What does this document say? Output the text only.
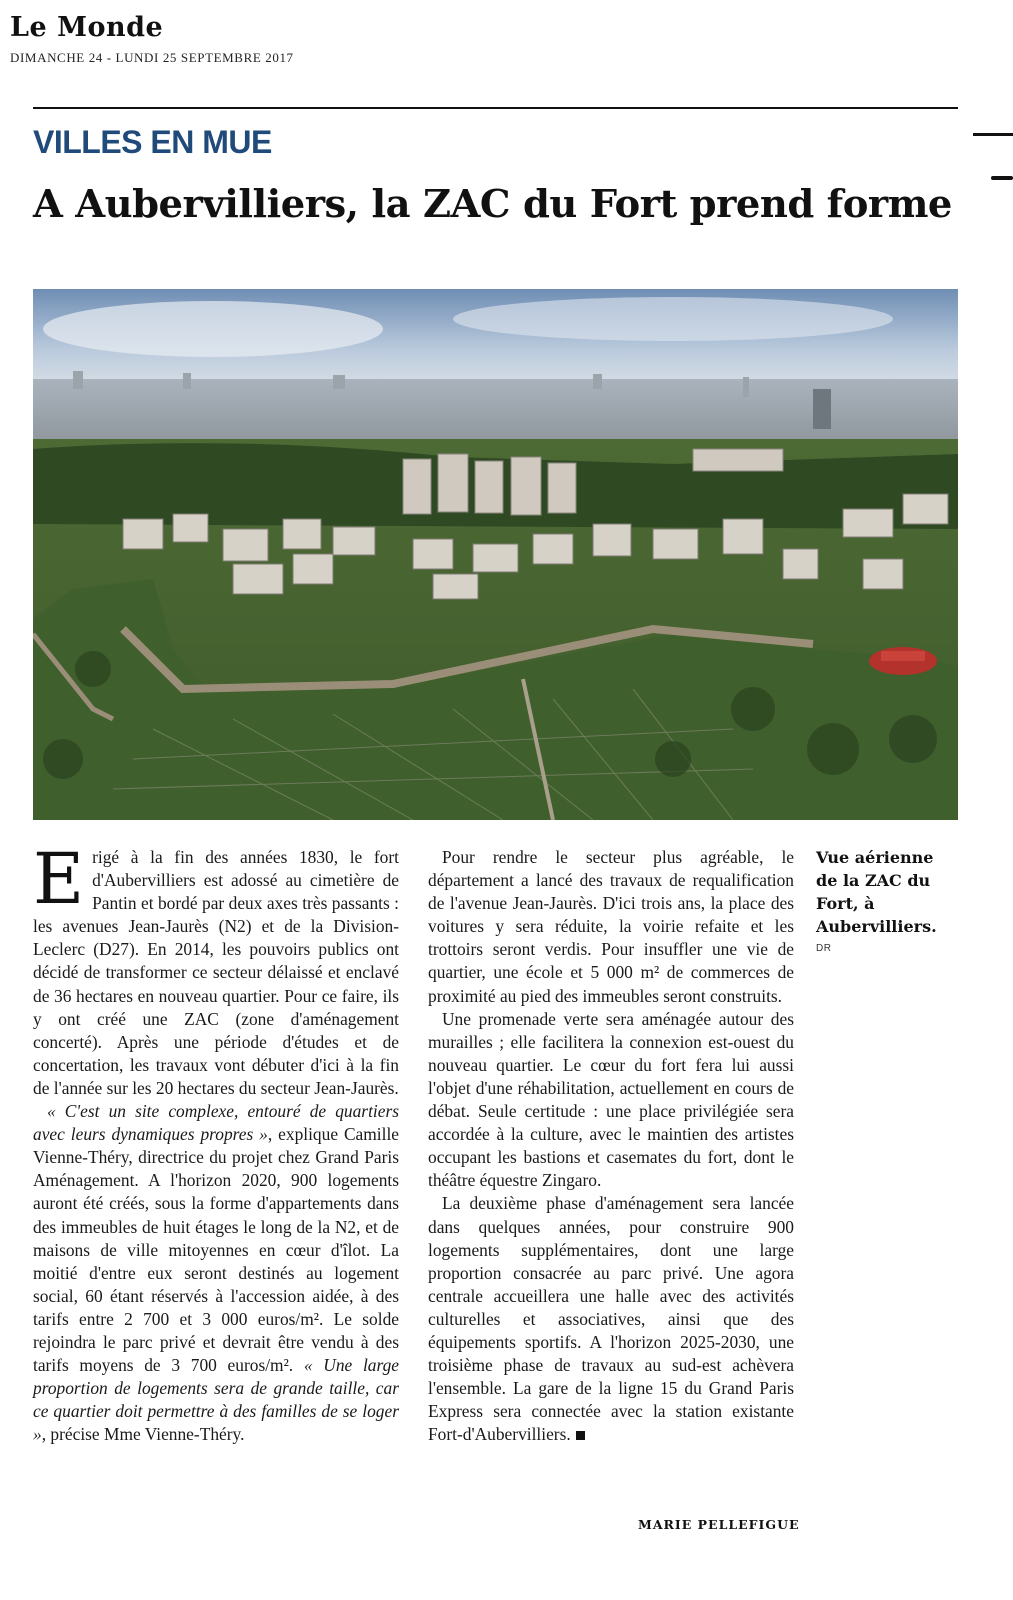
Le Monde
DIMANCHE 24 - LUNDI 25 SEPTEMBRE 2017
VILLES EN MUE
A Aubervilliers, la ZAC du Fort prend forme
Vue aérienne de la ZAC du Fort, à Aubervilliers.
DR

Erigé à la fin des années 1830, le fort d'Aubervilliers est adossé au cimetière de Pantin et bordé par deux axes très passants : les avenues Jean-Jaurès (N2) et de la Division-Leclerc (D27). En 2014, les pouvoirs publics ont décidé de transformer ce secteur délaissé et enclavé de 36 hectares en nouveau quartier. Pour ce faire, ils y ont créé une ZAC (zone d'aménagement concerté). Après une période d'études et de concertation, les travaux vont débuter d'ici à la fin de l'année sur les 20 hectares du secteur Jean-Jaurès.

« C'est un site complexe, entouré de quartiers avec leurs dynamiques propres », explique Camille Vienne-Théry, directrice du projet chez Grand Paris Aménagement. A l'horizon 2020, 900 logements auront été créés, sous la forme d'appartements dans des immeubles de huit étages le long de la N2, et de maisons de ville mitoyennes en cœur d'îlot. La moitié d'entre eux seront destinés au logement social, 60 étant réservés à l'accession aidée, à des tarifs entre 2 700 et 3 000 euros/m². Le solde rejoindra le parc privé et devrait être vendu à des tarifs moyens de 3 700 euros/m². « Une large proportion de logements sera de grande taille, car ce quartier doit permettre à des familles de se loger », précise Mme Vienne-Théry.

Pour rendre le secteur plus agréable, le département a lancé des travaux de requalification de l'avenue Jean-Jaurès. D'ici trois ans, la place des voitures y sera réduite, la voirie refaite et les trottoirs seront verdis. Pour insuffler une vie de quartier, une école et 5 000 m² de commerces de proximité au pied des immeubles seront construits.

Une promenade verte sera aménagée autour des murailles ; elle facilitera la connexion est-ouest du nouveau quartier. Le cœur du fort fera lui aussi l'objet d'une réhabilitation, actuellement en cours de débat. Seule certitude : une place privilégiée sera accordée à la culture, avec le maintien des artistes occupant les bastions et casemates du fort, dont le théâtre équestre Zingaro.

La deuxième phase d'aménagement sera lancée dans quelques années, pour construire 900 logements supplémentaires, dont une large proportion consacrée au parc privé. Une agora centrale accueillera une halle avec des activités culturelles et associatives, ainsi que des équipements sportifs. A l'horizon 2025-2030, une troisième phase de travaux au sud-est achèvera l'ensemble. La gare de la ligne 15 du Grand Paris Express sera connectée avec la station existante Fort-d'Aubervilliers.

MARIE PELLEFIGUE
